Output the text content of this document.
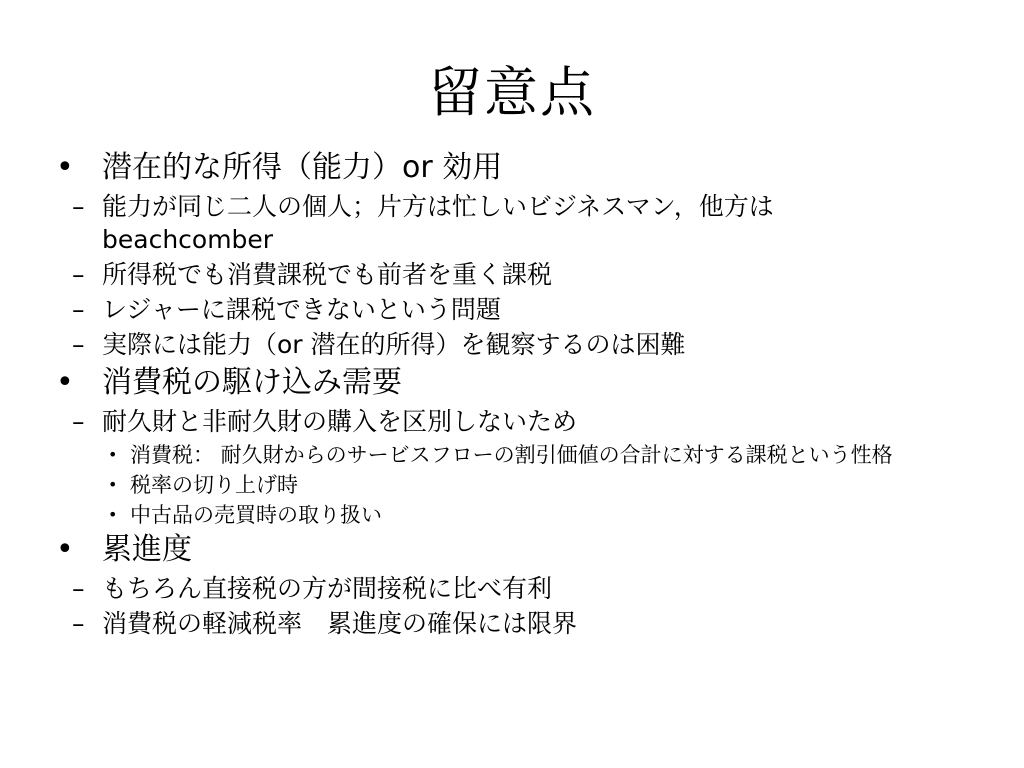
留意点
• 潜在的な所得（能力）or 効用
– 能力が同じ二人の個人；片方は忙しいビジネスマン，他方は beachcomber
– 所得税でも消費課税でも前者を重く課税
– レジャーに課税できないという問題
– 実際には能力（or 潜在的所得）を観察するのは困難
• 消費税の駆け込み需要
– 耐久財と非耐久財の購入を区別しないため
• 消費税： 耐久財からのサービスフローの割引価値の合計に対する課税という性格
• 税率の切り上げ時
• 中古品の売買時の取り扱い
• 累進度
– もちろん直接税の方が間接税に比べ有利
– 消費税の軽減税率　累進度の確保には限界
